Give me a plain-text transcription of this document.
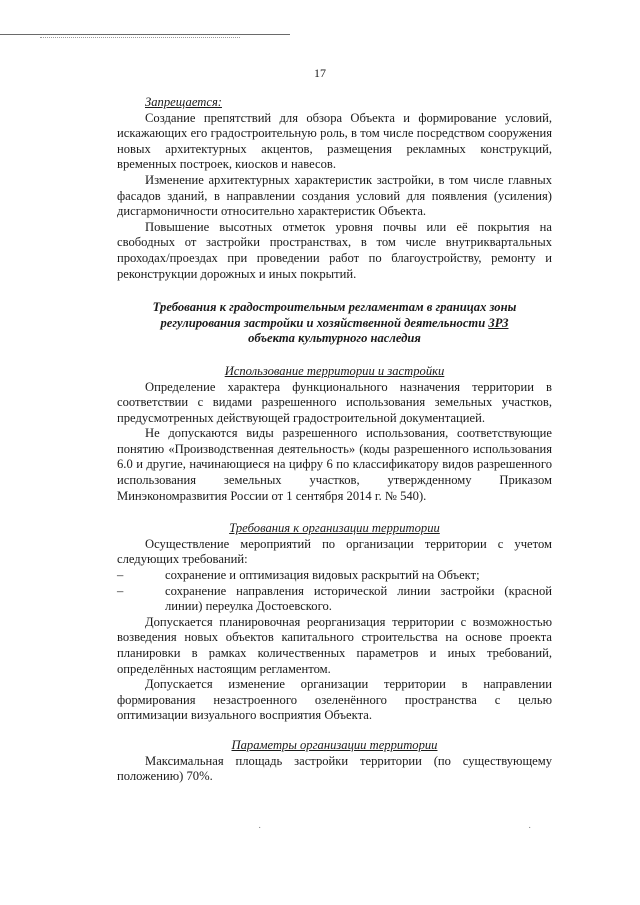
17

Запрещается:

Создание препятствий для обзора Объекта и формирование условий, искажающих его градостроительную роль, в том числе посредством сооружения новых архитектурных акцентов, размещения рекламных конструкций, временных построек, киосков и навесов.

Изменение архитектурных характеристик застройки, в том числе главных фасадов зданий, в направлении создания условий для появления (усиления) дисгармоничности относительно характеристик Объекта.

Повышение высотных отметок уровня почвы или её покрытия на свободных от застройки пространствах, в том числе внутриквартальных проходах/проездах при проведении работ по благоустройству, ремонту и реконструкции дорожных и иных покрытий.

Требования к градостроительным регламентам в границах зоны
регулирования застройки и хозяйственной деятельности ЗРЗ
объекта культурного наследия
Использование территории и застройки

Определение характера функционального назначения территории в соответствии с видами разрешенного использования земельных участков, предусмотренных действующей градостроительной документацией.

Не допускаются виды разрешенного использования, соответствующие понятию «Производственная деятельность» (коды разрешенного использования 6.0 и другие, начинающиеся на цифру 6 по классификатору видов разрешенного использования земельных участков, утвержденному Приказом Минэкономразвития России от 1 сентября 2014 г. № 540).

Требования к организации территории

Осуществление мероприятий по организации территории с учетом следующих требований:

–	сохранение и оптимизация видовых раскрытий на Объект;
–	сохранение направления исторической линии застройки (красной линии) переулка Достоевского.

Допускается планировочная реорганизация территории с возможностью возведения новых объектов капитального строительства на основе проекта планировки в рамках количественных параметров и иных требований, определённых настоящим регламентом.

Допускается изменение организации территории в направлении формирования незастроенного озеленённого пространства с целью оптимизации визуального восприятия Объекта.

Параметры организации территории

Максимальная площадь застройки территории (по существующему положению) 70%.

˙	˙
